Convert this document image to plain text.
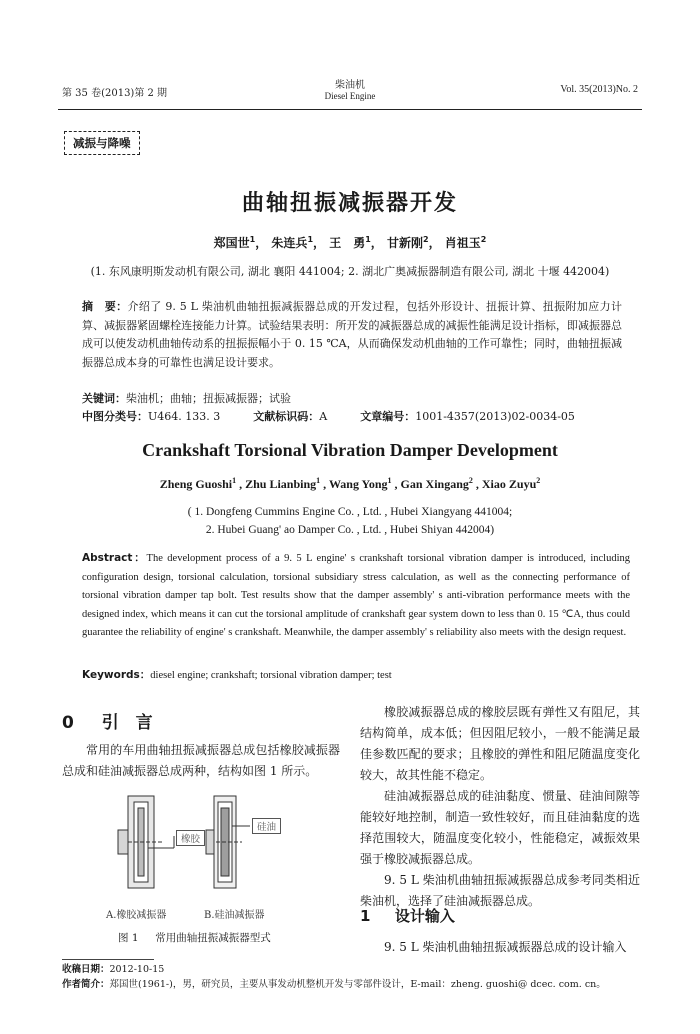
第 35 卷(2013)第 2 期
柴油机
Diesel Engine
Vol. 35(2013)No. 2
减振与降噪
曲轴扭振减振器开发
郑国世$^1$， 朱连兵$^1$， 王　勇$^1$， 甘新刚$^2$， 肖祖玉$^2$
(1. 东风康明斯发动机有限公司, 湖北 襄阳 441004; 2. 湖北广奥减振器制造有限公司, 湖北 十堰 442004)
摘　要：介绍了 9. 5 L 柴油机曲轴扭振减振器总成的开发过程，包括外形设计、扭振计算、扭振附加应力计算、减振器紧固螺栓连接能力计算。试验结果表明：所开发的减振器总成的减振性能满足设计指标，即减振器总成可以使发动机曲轴传动系的扭振振幅小于 0. 15 ℃A，从而确保发动机曲轴的工作可靠性；同时，曲轴扭振减振器总成本身的可靠性也满足设计要求。
关键词：柴油机；曲轴；扭振减振器；试验
中图分类号：U464. 133. 3	文献标识码：A	文章编号：1001-4357(2013)02-0034-05
Crankshaft Torsional Vibration Damper Development
Zheng Guoshi$^1$ , Zhu Lianbing$^1$ , Wang Yong$^1$ , Gan Xingang$^2$ , Xiao Zuyu$^2$
( 1. Dongfeng Cummins Engine Co. , Ltd. , Hubei Xiangyang 441004;
2. Hubei Guang' ao Damper Co. , Ltd. , Hubei Shiyan 442004)
Abstract：The development process of a 9. 5 L engine' s crankshaft torsional vibration damper is introduced, including configuration design, torsional calculation, torsional subsidiary stress calculation, as well as the connecting performance of torsional vibration damper tap bolt. Test results show that the damper assembly' s anti-vibration performance meets with the designed index, which means it can cut the torsional amplitude of crankshaft gear system down to less than 0. 15 ℃A, thus could guarantee the reliability of engine' s crankshaft. Meanwhile, the damper assembly' s reliability also meets with the design request.
Keywords：diesel engine; crankshaft; torsional vibration damper; test
0 引　言
常用的车用曲轴扭振减振器总成包括橡胶减振器总成和硅油减振器总成两种，结构如图 1 所示。
橡胶
硅油
A.橡胶减振器	B.硅油减振器
图 1 常用曲轴扭振减振器型式
橡胶减振器总成的橡胶层既有弹性又有阻尼，其结构简单，成本低；但因阻尼较小，一般不能满足最佳参数匹配的要求；且橡胶的弹性和阻尼随温度变化较大，故其性能不稳定。
硅油减振器总成的硅油黏度、惯量、硅油间隙等能较好地控制，制造一致性较好，而且硅油黏度的选择范围较大，随温度变化较小，性能稳定，减振效果强于橡胶减振器总成。
9. 5 L 柴油机曲轴扭振减振器总成参考同类相近柴油机，选择了硅油减振器总成。
1 设计输入
9. 5 L 柴油机曲轴扭振减振器总成的设计输入
收稿日期：2012-10-15
作者简介：郑国世(1961-)，男，研究员，主要从事发动机整机开发与零部件设计，E-mail：zheng. guoshi@ dcec. com. cn。
